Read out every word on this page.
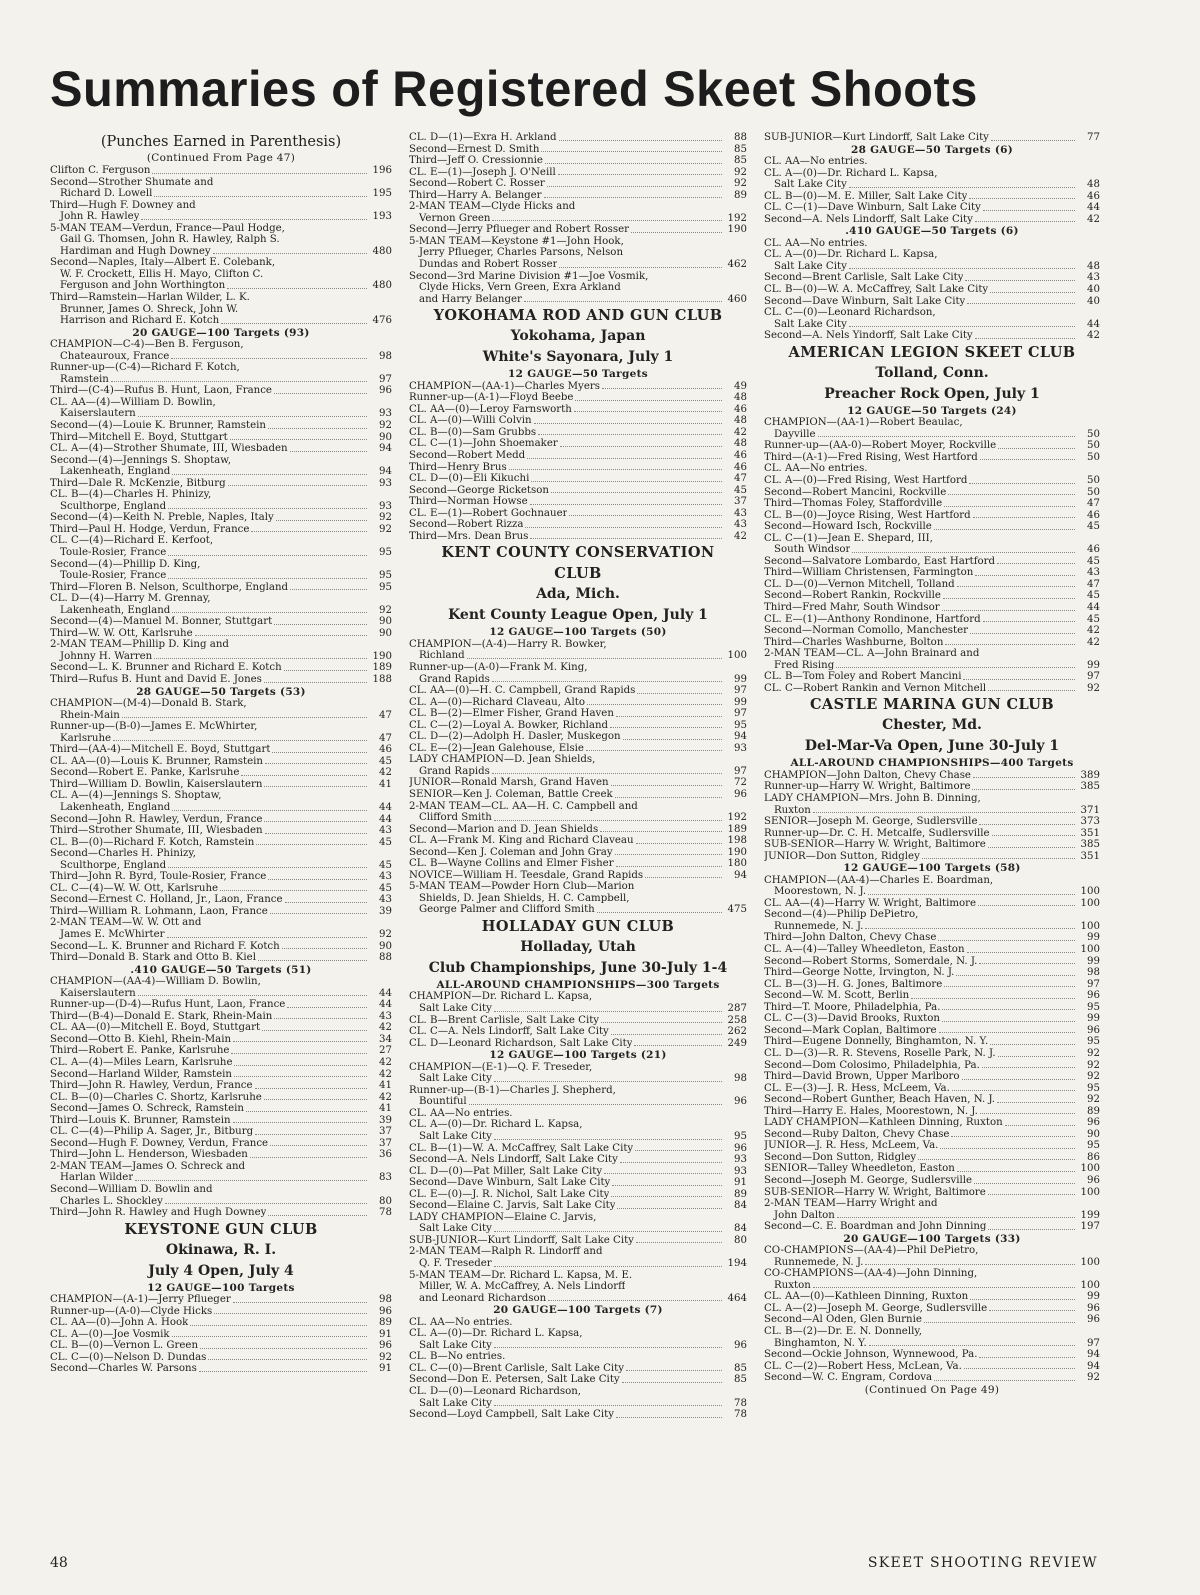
Summaries of Registered Skeet Shoots
(Punches Earned in Parenthesis)
(Continued From Page 47)
Clifton C. Ferguson	196
Second—Strother Shumate and
Richard D. Lowell	195
Third—Hugh F. Downey and
John R. Hawley	193
5-MAN TEAM—Verdun, France—Paul Hodge,
Gail G. Thomsen, John R. Hawley, Ralph S.
Hardiman and Hugh Downey	480
Second—Naples, Italy—Albert E. Colebank,
W. F. Crockett, Ellis H. Mayo, Clifton C.
Ferguson and John Worthington	480
Third—Ramstein—Harlan Wilder, L. K.
Brunner, James O. Shreck, John W.
Harrison and Richard E. Kotch	476
20 GAUGE—100 Targets (93)
CHAMPION—C-4)—Ben B. Ferguson,
Chateauroux, France	98
Runner-up—(C-4)—Richard F. Kotch,
Ramstein	97
Third—(C-4)—Rufus B. Hunt, Laon, France	96
CL. AA—(4)—William D. Bowlin,
Kaiserslautern	93
Second—(4)—Louie K. Brunner, Ramstein	92
Third—Mitchell E. Boyd, Stuttgart	90
CL. A—(4)—Strother Shumate, III, Wiesbaden	94
Second—(4)—Jennings S. Shoptaw,
Lakenheath, England	94
Third—Dale R. McKenzie, Bitburg	93
CL. B—(4)—Charles H. Phinizy,
Sculthorpe, England	93
Second—(4)—Keith N. Preble, Naples, Italy	92
Third—Paul H. Hodge, Verdun, France	92
CL. C—(4)—Richard E. Kerfoot,
Toule-Rosier, France	95
Second—(4)—Phillip D. King,
Toule-Rosier, France	95
Third—Floren B. Nelson, Sculthorpe, England	95
CL. D—(4)—Harry M. Grennay,
Lakenheath, England	92
Second—(4)—Manuel M. Bonner, Stuttgart	90
Third—W. W. Ott, Karlsruhe	90
2-MAN TEAM—Phillip D. King and
Johnny H. Warren	190
Second—L. K. Brunner and Richard E. Kotch	189
Third—Rufus B. Hunt and David E. Jones	188
28 GAUGE—50 Targets (53)
CHAMPION—(M-4)—Donald B. Stark,
Rhein-Main	47
Runner-up—(B-0)—James E. McWhirter,
Karlsruhe	47
Third—(AA-4)—Mitchell E. Boyd, Stuttgart	46
CL. AA—(0)—Louis K. Brunner, Ramstein	45
Second—Robert E. Panke, Karlsruhe	42
Third—William D. Bowlin, Kaiserslautern	41
CL. A—(4)—Jennings S. Shoptaw,
Lakenheath, England	44
Second—John R. Hawley, Verdun, France	44
Third—Strother Shumate, III, Wiesbaden	43
CL. B—(0)—Richard F. Kotch, Ramstein	45
Second—Charles H. Phinizy,
Sculthorpe, England	45
Third—John R. Byrd, Toule-Rosier, France	43
CL. C—(4)—W. W. Ott, Karlsruhe	45
Second—Ernest C. Holland, Jr., Laon, France	43
Third—William R. Lohmann, Laon, France	39
2-MAN TEAM—W. W. Ott and
James E. McWhirter	92
Second—L. K. Brunner and Richard F. Kotch	90
Third—Donald B. Stark and Otto B. Kiel	88
.410 GAUGE—50 Targets (51)
CHAMPION—(AA-4)—William D. Bowlin,
Kaiserslautern	44
Runner-up—(D-4)—Rufus Hunt, Laon, France	44
Third—(B-4)—Donald E. Stark, Rhein-Main	43
CL. AA—(0)—Mitchell E. Boyd, Stuttgart	42
Second—Otto B. Kiehl, Rhein-Main	34
Third—Robert E. Panke, Karlsruhe	27
CL. A—(4)—Miles Learn, Karlsruhe	42
Second—Harland Wilder, Ramstein	42
Third—John R. Hawley, Verdun, France	41
CL. B—(0)—Charles C. Shortz, Karlsruhe	42
Second—James O. Schreck, Ramstein	41
Third—Louis K. Brunner, Ramstein	39
CL. C—(4)—Philip A. Sager, Jr., Bitburg	37
Second—Hugh F. Downey, Verdun, France	37
Third—John L. Henderson, Wiesbaden	36
2-MAN TEAM—James O. Schreck and
Harlan Wilder	83
Second—William D. Bowlin and
Charles L. Shockley	80
Third—John R. Hawley and Hugh Downey	78
KEYSTONE GUN CLUB
Okinawa, R. I.
July 4 Open, July 4
12 GAUGE—100 Targets
CHAMPION—(A-1)—Jerry Pflueger	98
Runner-up—(A-0)—Clyde Hicks	96
CL. AA—(0)—John A. Hook	89
CL. A—(0)—Joe Vosmik	91
CL. B—(0)—Vernon L. Green	96
CL. C—(0)—Nelson D. Dundas	92
Second—Charles W. Parsons	91
CL. D—(1)—Exra H. Arkland	88
Second—Ernest D. Smith	85
Third—Jeff O. Cressionnie	85
CL. E—(1)—Joseph J. O'Neill	92
Second—Robert C. Rosser	92
Third—Harry A. Belanger	89
2-MAN TEAM—Clyde Hicks and
Vernon Green	192
Second—Jerry Pflueger and Robert Rosser	190
5-MAN TEAM—Keystone #1—John Hook,
Jerry Pflueger, Charles Parsons, Nelson
Dundas and Robert Rosser	462
Second—3rd Marine Division #1—Joe Vosmik,
Clyde Hicks, Vern Green, Exra Arkland
and Harry Belanger	460
YOKOHAMA ROD AND GUN CLUB
Yokohama, Japan
White's Sayonara, July 1
12 GAUGE—50 Targets
CHAMPION—(AA-1)—Charles Myers	49
Runner-up—(A-1)—Floyd Beebe	48
CL. AA—(0)—Leroy Farnsworth	46
CL. A—(0)—Willi Colvin	48
CL. B—(0)—Sam Grubbs	42
CL. C—(1)—John Shoemaker	48
Second—Robert Medd	46
Third—Henry Brus	46
CL. D—(0)—Eli Kikuchi	47
Second—George Ricketson	45
Third—Norman Howse	37
CL. E—(1)—Robert Gochnauer	43
Second—Robert Rizza	43
Third—Mrs. Dean Brus	42
KENT COUNTY CONSERVATION
CLUB
Ada, Mich.
Kent County League Open, July 1
12 GAUGE—100 Targets (50)
CHAMPION—(A-4)—Harry R. Bowker,
Richland	100
Runner-up—(A-0)—Frank M. King,
Grand Rapids	99
CL. AA—(0)—H. C. Campbell, Grand Rapids	97
CL. A—(0)—Richard Claveau, Alto	99
CL. B—(2)—Elmer Fisher, Grand Haven	97
CL. C—(2)—Loyal A. Bowker, Richland	95
CL. D—(2)—Adolph H. Dasler, Muskegon	94
CL. E—(2)—Jean Galehouse, Elsie	93
LADY CHAMPION—D. Jean Shields,
Grand Rapids	97
JUNIOR—Ronald Marsh, Grand Haven	72
SENIOR—Ken J. Coleman, Battle Creek	96
2-MAN TEAM—CL. AA—H. C. Campbell and
Clifford Smith	192
Second—Marion and D. Jean Shields	189
CL. A—Frank M. King and Richard Claveau	198
Second—Ken J. Coleman and John Gray	190
CL. B—Wayne Collins and Elmer Fisher	180
NOVICE—William H. Teesdale, Grand Rapids	94
5-MAN TEAM—Powder Horn Club—Marion
Shields, D. Jean Shields, H. C. Campbell,
George Palmer and Clifford Smith	475
HOLLADAY GUN CLUB
Holladay, Utah
Club Championships, June 30-July 1-4
ALL-AROUND CHAMPIONSHIPS—300 Targets
CHAMPION—Dr. Richard L. Kapsa,
Salt Lake City	287
CL. B—Brent Carlisle, Salt Lake City	258
CL. C—A. Nels Lindorff, Salt Lake City	262
CL. D—Leonard Richardson, Salt Lake City	249
12 GAUGE—100 Targets (21)
CHAMPION—(E-1)—Q. F. Treseder,
Salt Lake City	98
Runner-up—(B-1)—Charles J. Shepherd,
Bountiful	96
CL. AA—No entries.
CL. A—(0)—Dr. Richard L. Kapsa,
Salt Lake City	95
CL. B—(1)—W. A. McCaffrey, Salt Lake City	96
Second—A. Nels Lindorff, Salt Lake City	93
CL. D—(0)—Pat Miller, Salt Lake City	93
Second—Dave Winburn, Salt Lake City	91
CL. E—(0)—J. R. Nichol, Salt Lake City	89
Second—Elaine C. Jarvis, Salt Lake City	84
LADY CHAMPION—Elaine C. Jarvis,
Salt Lake City	84
SUB-JUNIOR—Kurt Lindorff, Salt Lake City	80
2-MAN TEAM—Ralph R. Lindorff and
Q. F. Treseder	194
5-MAN TEAM—Dr. Richard L. Kapsa, M. E.
Miller, W. A. McCaffrey, A. Nels Lindorff
and Leonard Richardson	464
20 GAUGE—100 Targets (7)
CL. AA—No entries.
CL. A—(0)—Dr. Richard L. Kapsa,
Salt Lake City	96
CL. B—No entries.
CL. C—(0)—Brent Carlisle, Salt Lake City	85
Second—Don E. Petersen, Salt Lake City	85
CL. D—(0)—Leonard Richardson,
Salt Lake City	78
Second—Loyd Campbell, Salt Lake City	78
SUB-JUNIOR—Kurt Lindorff, Salt Lake City	77
28 GAUGE—50 Targets (6)
CL. AA—No entries.
CL. A—(0)—Dr. Richard L. Kapsa,
Salt Lake City	48
CL. B—(0)—M. E. Miller, Salt Lake City	46
CL. C—(1)—Dave Winburn, Salt Lake City	44
Second—A. Nels Lindorff, Salt Lake City	42
.410 GAUGE—50 Targets (6)
CL. AA—No entries.
CL. A—(0)—Dr. Richard L. Kapsa,
Salt Lake City	48
Second—Brent Carlisle, Salt Lake City	43
CL. B—(0)—W. A. McCaffrey, Salt Lake City	40
Second—Dave Winburn, Salt Lake City	40
CL. C—(0)—Leonard Richardson,
Salt Lake City	44
Second—A. Nels Yindorff, Salt Lake City	42
AMERICAN LEGION SKEET CLUB
Tolland, Conn.
Preacher Rock Open, July 1
12 GAUGE—50 Targets (24)
CHAMPION—(AA-1)—Robert Beaulac,
Dayville	50
Runner-up—(AA-0)—Robert Moyer, Rockville	50
Third—(A-1)—Fred Rising, West Hartford	50
CL. AA—No entries.
CL. A—(0)—Fred Rising, West Hartford	50
Second—Robert Mancini, Rockville	50
Third—Thomas Foley, Staffordville	47
CL. B—(0)—Joyce Rising, West Hartford	46
Second—Howard Isch, Rockville	45
CL. C—(1)—Jean E. Shepard, III,
South Windsor	46
Second—Salvatore Lombardo, East Hartford	45
Third—William Christensen, Farmington	43
CL. D—(0)—Vernon Mitchell, Tolland	47
Second—Robert Rankin, Rockville	45
Third—Fred Mahr, South Windsor	44
CL. E—(1)—Anthony Rondinone, Hartford	45
Second—Norman Comollo, Manchester	42
Third—Charles Washburne, Bolton	42
2-MAN TEAM—CL. A—John Brainard and
Fred Rising	99
CL. B—Tom Foley and Robert Mancini	97
CL. C—Robert Rankin and Vernon Mitchell	92
CASTLE MARINA GUN CLUB
Chester, Md.
Del-Mar-Va Open, June 30-July 1
ALL-AROUND CHAMPIONSHIPS—400 Targets
CHAMPION—John Dalton, Chevy Chase	389
Runner-up—Harry W. Wright, Baltimore	385
LADY CHAMPION—Mrs. John B. Dinning,
Ruxton	371
SENIOR—Joseph M. George, Sudlersville	373
Runner-up—Dr. C. H. Metcalfe, Sudlersville	351
SUB-SENIOR—Harry W. Wright, Baltimore	385
JUNIOR—Don Sutton, Ridgley	351
12 GAUGE—100 Targets (58)
CHAMPION—(AA-4)—Charles E. Boardman,
Moorestown, N. J.	100
CL. AA—(4)—Harry W. Wright, Baltimore	100
Second—(4)—Philip DePietro,
Runnemede, N. J.	100
Third—John Dalton, Chevy Chase	99
CL. A—(4)—Talley Wheedleton, Easton	100
Second—Robert Storms, Somerdale, N. J.	99
Third—George Notte, Irvington, N. J.	98
CL. B—(3)—H. G. Jones, Baltimore	97
Second—W. M. Scott, Berlin	96
Third—T. Moore, Philadelphia, Pa.	95
CL. C—(3)—David Brooks, Ruxton	99
Second—Mark Coplan, Baltimore	96
Third—Eugene Donnelly, Binghamton, N. Y.	95
CL. D—(3)—R. R. Stevens, Roselle Park, N. J.	92
Second—Dom Colosimo, Philadelphia, Pa.	92
Third—David Brown, Upper Marlboro	92
CL. E—(3)—J. R. Hess, McLeem, Va.	95
Second—Robert Gunther, Beach Haven, N. J.	92
Third—Harry E. Hales, Moorestown, N. J.	89
LADY CHAMPION—Kathleen Dinning, Ruxton	96
Second—Ruby Dalton, Chevy Chase	90
JUNIOR—J. R. Hess, McLeem, Va.	95
Second—Don Sutton, Ridgley	86
SENIOR—Talley Wheedleton, Easton	100
Second—Joseph M. George, Sudlersville	96
SUB-SENIOR—Harry W. Wright, Baltimore	100
2-MAN TEAM—Harry Wright and
John Dalton	199
Second—C. E. Boardman and John Dinning	197
20 GAUGE—100 Targets (33)
CO-CHAMPIONS—(AA-4)—Phil DePietro,
Runnemede, N. J.	100
CO-CHAMPIONS—(AA-4)—John Dinning,
Ruxton	100
CL. AA—(0)—Kathleen Dinning, Ruxton	99
CL. A—(2)—Joseph M. George, Sudlersville	96
Second—Al Oden, Glen Burnie	96
CL. B—(2)—Dr. E. N. Donnelly,
Binghamton, N. Y.	97
Second—Ockie Johnson, Wynnewood, Pa.	94
CL. C—(2)—Robert Hess, McLean, Va.	94
Second—W. C. Engram, Cordova	92
(Continued On Page 49)
48	SKEET SHOOTING REVIEW
